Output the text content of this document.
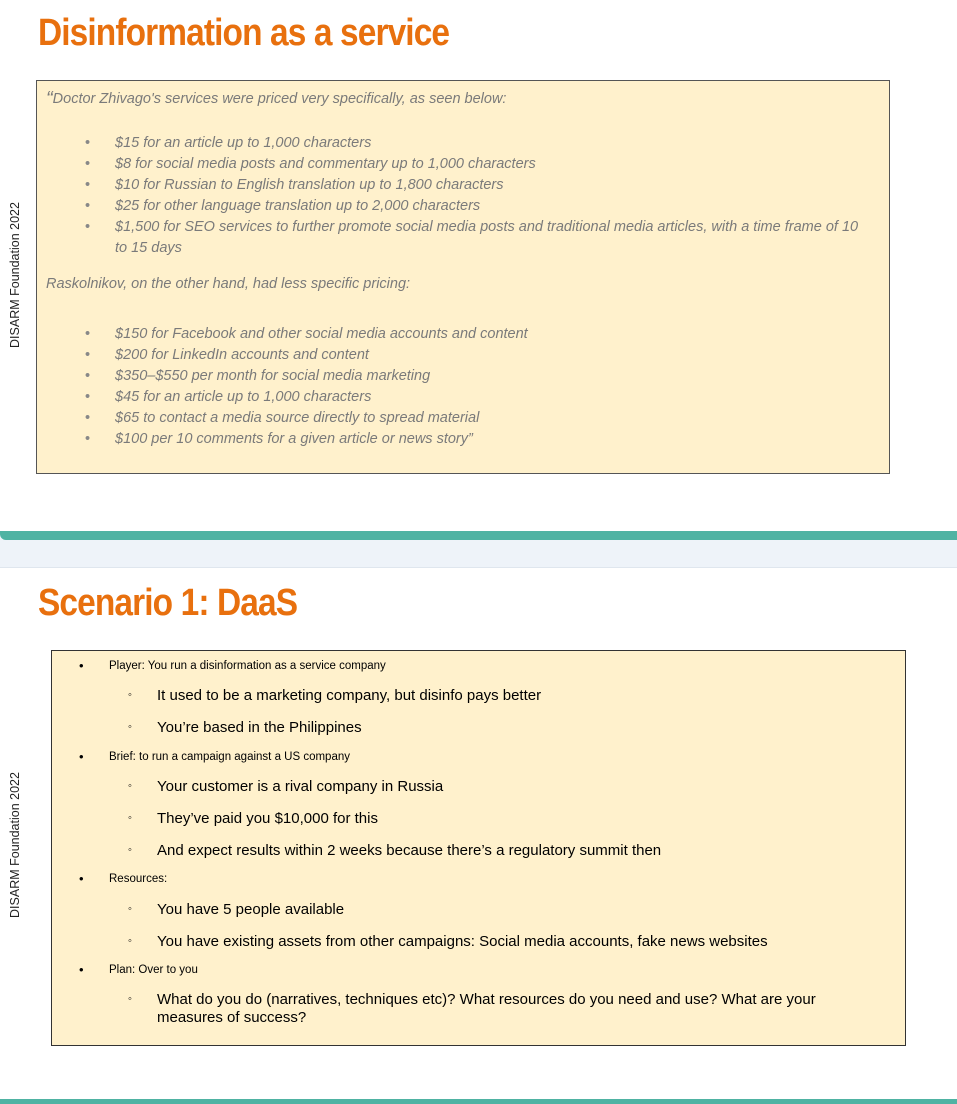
Disinformation as a service
DISARM Foundation 2022

“Doctor Zhivago's services were priced very specifically, as seen below:

• $15 for an article up to 1,000 characters
• $8 for social media posts and commentary up to 1,000 characters
• $10 for Russian to English translation up to 1,800 characters
• $25 for other language translation up to 2,000 characters
• $1,500 for SEO services to further promote social media posts and traditional media articles, with a time frame of 10 to 15 days

Raskolnikov, on the other hand, had less specific pricing:

• $150 for Facebook and other social media accounts and content
• $200 for LinkedIn accounts and content
• $350–$550 per month for social media marketing
• $45 for an article up to 1,000 characters
• $65 to contact a media source directly to spread material
• $100 per 10 comments for a given article or news story”
Scenario 1: DaaS
DISARM Foundation 2022
• Player: You run a disinformation as a service company
◦ It used to be a marketing company, but disinfo pays better
◦ You’re based in the Philippines
• Brief: to run a campaign against a US company
◦ Your customer is a rival company in Russia
◦ They’ve paid you $10,000 for this
◦ And expect results within 2 weeks because there’s a regulatory summit then
• Resources:
◦ You have 5 people available
◦ You have existing assets from other campaigns: Social media accounts, fake news websites
• Plan: Over to you
◦ What do you do (narratives, techniques etc)? What resources do you need and use? What are your measures of success?
